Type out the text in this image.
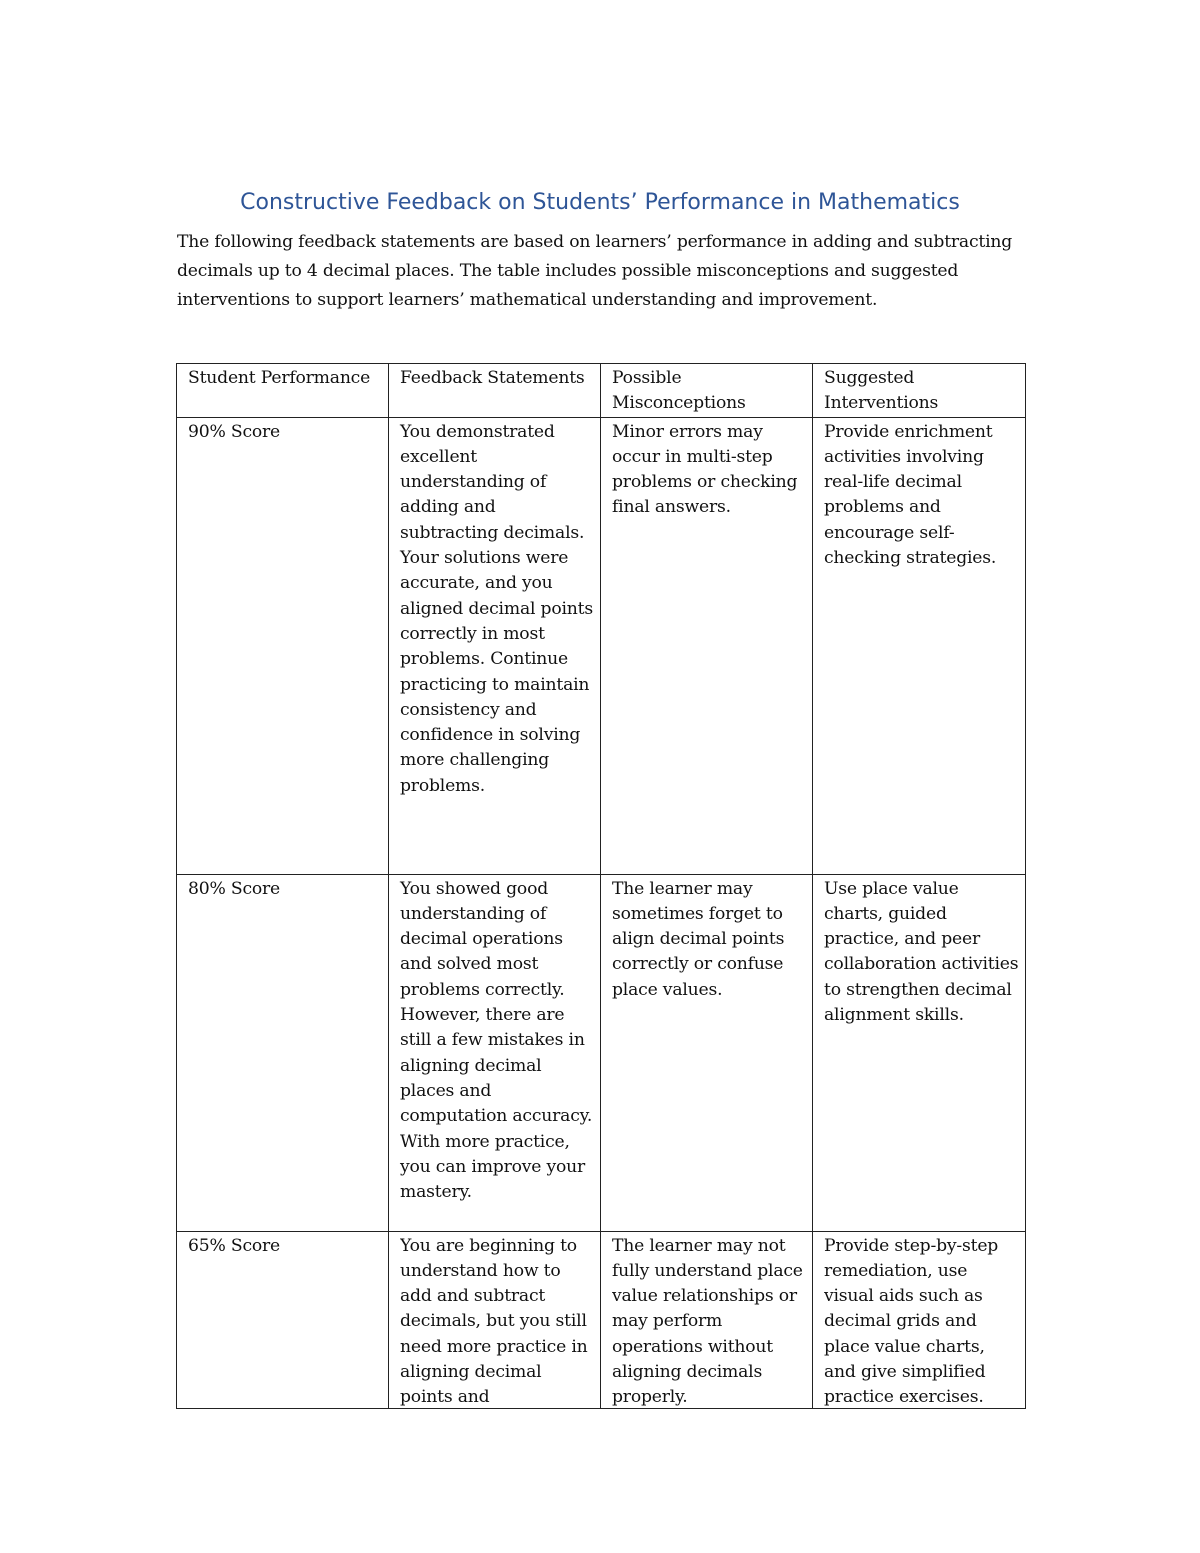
Constructive Feedback on Students’ Performance in Mathematics

The following feedback statements are based on learners’ performance in adding and subtracting decimals up to 4 decimal places. The table includes possible misconceptions and suggested interventions to support learners’ mathematical understanding and improvement.

Student Performance	Feedback Statements	Possible Misconceptions	Suggested Interventions
90% Score	You demonstrated excellent understanding of adding and subtracting decimals. Your solutions were accurate, and you aligned decimal points correctly in most problems. Continue practicing to maintain consistency and confidence in solving more challenging problems.	Minor errors may occur in multi-step problems or checking final answers.	Provide enrichment activities involving real-life decimal problems and encourage self-checking strategies.
80% Score	You showed good understanding of decimal operations and solved most problems correctly. However, there are still a few mistakes in aligning decimal places and computation accuracy. With more practice, you can improve your mastery.	The learner may sometimes forget to align decimal points correctly or confuse place values.	Use place value charts, guided practice, and peer collaboration activities to strengthen decimal alignment skills.

65% Score	You are beginning to understand how to add and subtract decimals, but you still need more practice in aligning decimal points and	The learner may not fully understand place value relationships or may perform operations without aligning decimals properly.	Provide step-by-step remediation, use visual aids such as decimal grids and place value charts, and give simplified practice exercises.
